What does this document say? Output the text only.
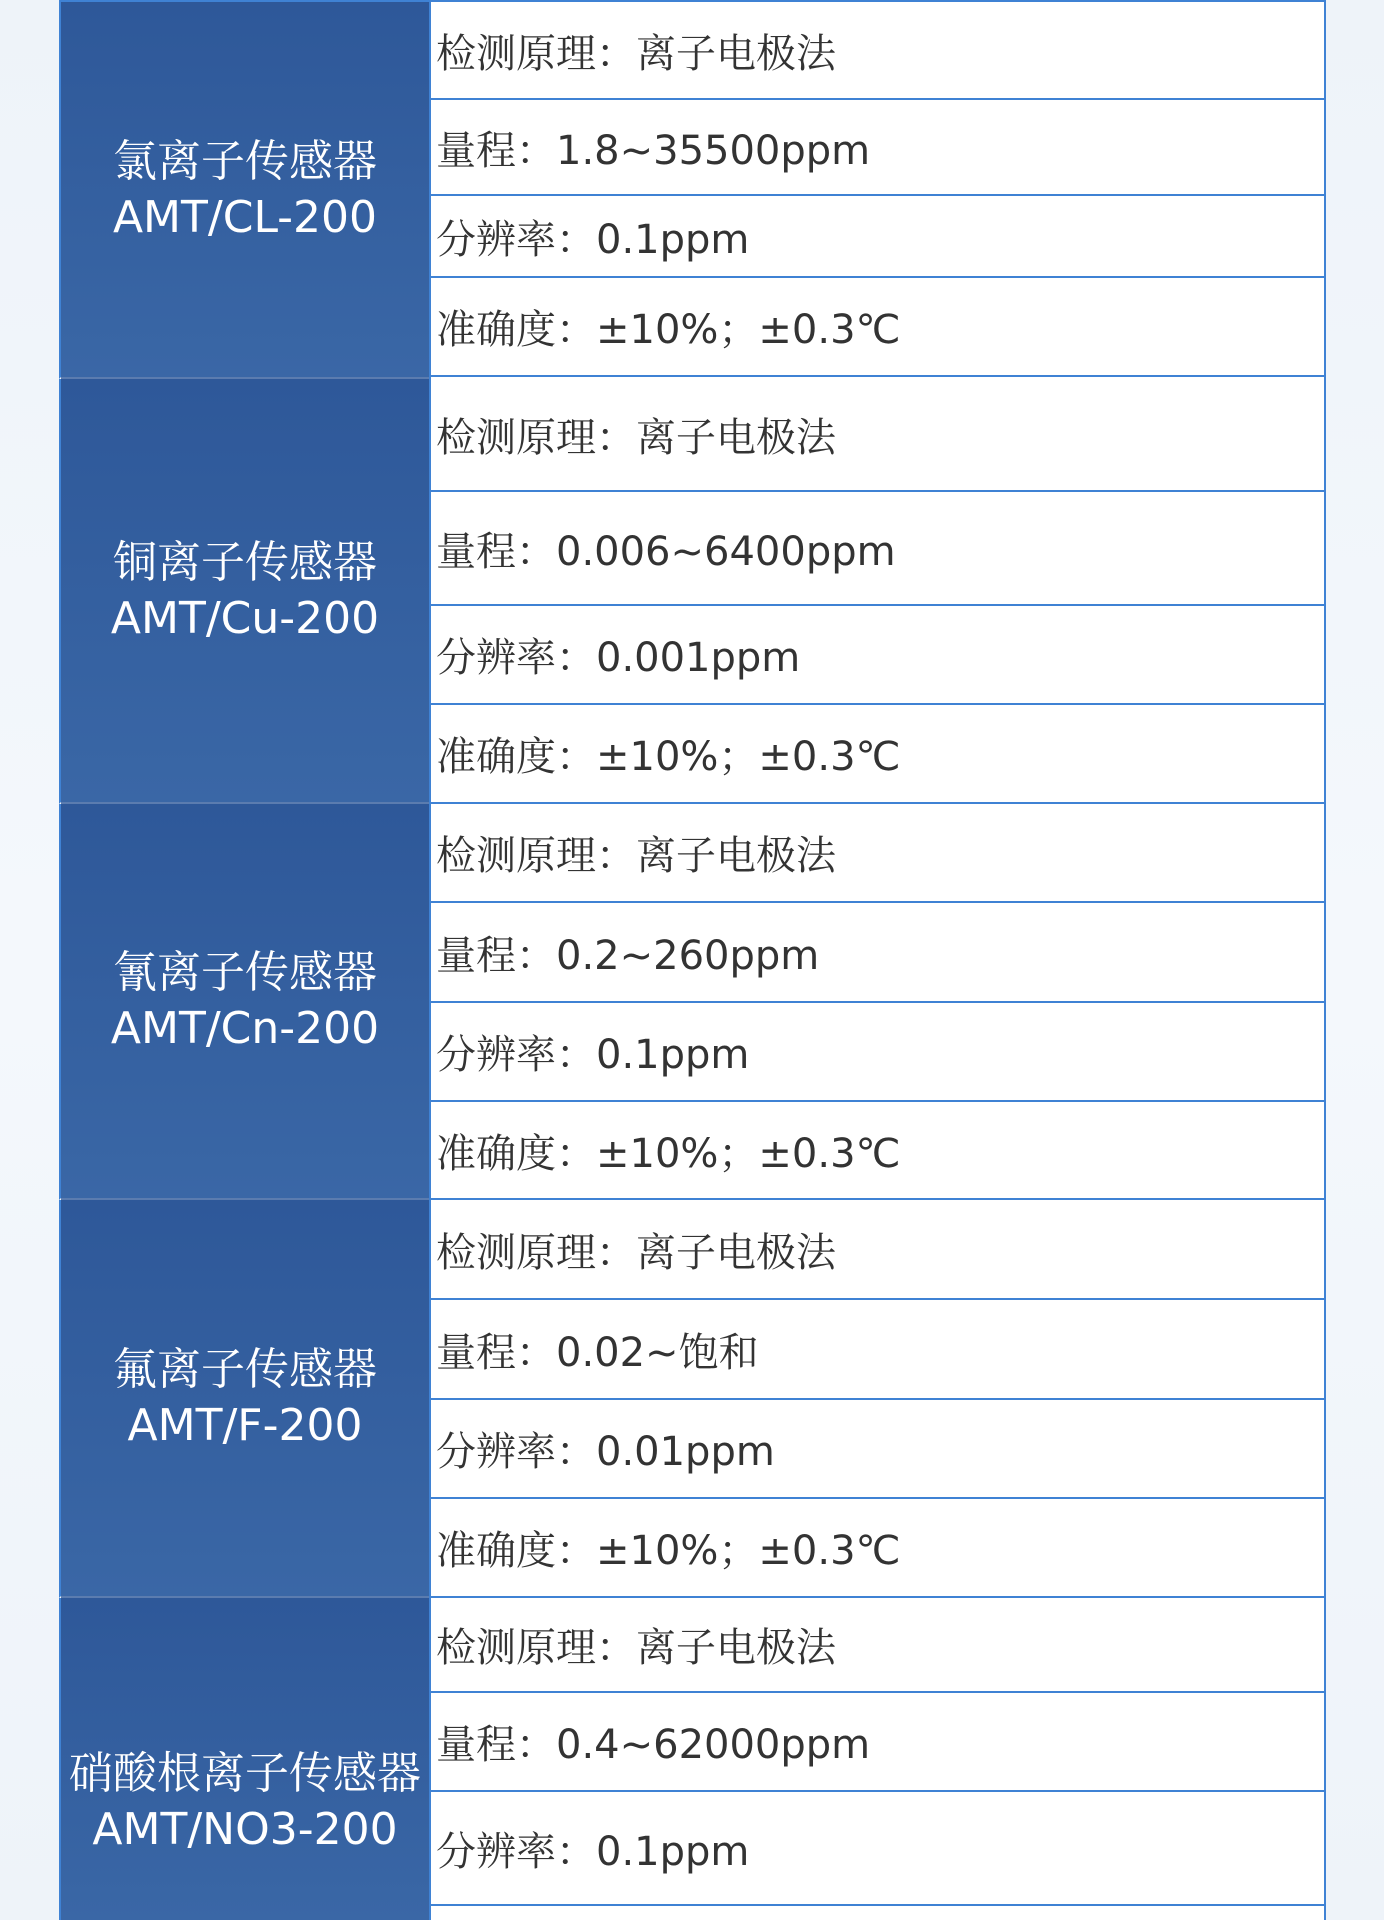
氯离子传感器
AMT/CL-200
检测原理：离子电极法
量程：1.8~35500ppm
分辨率：0.1ppm
准确度：±10%；±0.3℃
铜离子传感器
AMT/Cu-200
检测原理：离子电极法
量程：0.006~6400ppm
分辨率：0.001ppm
准确度：±10%；±0.3℃
氰离子传感器
AMT/Cn-200
检测原理：离子电极法
量程：0.2~260ppm
分辨率：0.1ppm
准确度：±10%；±0.3℃
氟离子传感器
AMT/F-200
检测原理：离子电极法
量程：0.02~饱和
分辨率：0.01ppm
准确度：±10%；±0.3℃
硝酸根离子传感器
AMT/NO3-200
检测原理：离子电极法
量程：0.4~62000ppm
分辨率：0.1ppm
